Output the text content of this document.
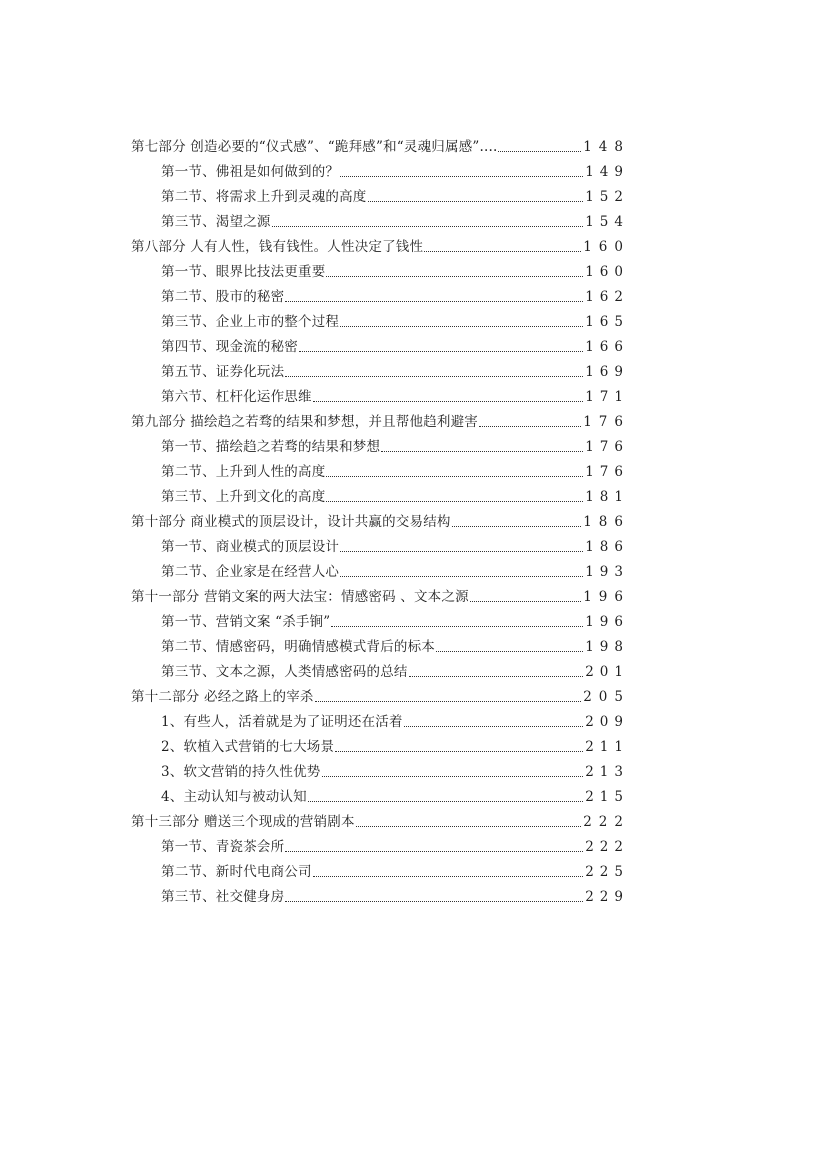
第七部分 创造必要的“仪式感”、“跪拜感”和“灵魂归属感”....	148
第一节、佛祖是如何做到的？	149
第二节、将需求上升到灵魂的高度	152
第三节、渴望之源	154
第八部分 人有人性，钱有钱性。人性决定了钱性	160
第一节、眼界比技法更重要	160
第二节、股市的秘密	162
第三节、企业上市的整个过程	165
第四节、现金流的秘密	166
第五节、证券化玩法	169
第六节、杠杆化运作思维	171
第九部分 描绘趋之若骛的结果和梦想，并且帮他趋利避害	176
第一节、描绘趋之若骛的结果和梦想	176
第二节、上升到人性的高度	176
第三节、上升到文化的高度	181
第十部分 商业模式的顶层设计，设计共赢的交易结构	186
第一节、商业模式的顶层设计	186
第二节、企业家是在经营人心	193
第十一部分 营销文案的两大法宝：情感密码 、文本之源	196
第一节、营销文案 “杀手锏”	196
第二节、情感密码，明确情感模式背后的标本	198
第三节、文本之源，人类情感密码的总结	201
第十二部分 必经之路上的宰杀	205
1、有些人，活着就是为了证明还在活着	209
2、软植入式营销的七大场景	211
3、软文营销的持久性优势	213
4、主动认知与被动认知	215
第十三部分 赠送三个现成的营销剧本	222
第一节、青瓷茶会所	222
第二节、新时代电商公司	225
第三节、社交健身房	229
